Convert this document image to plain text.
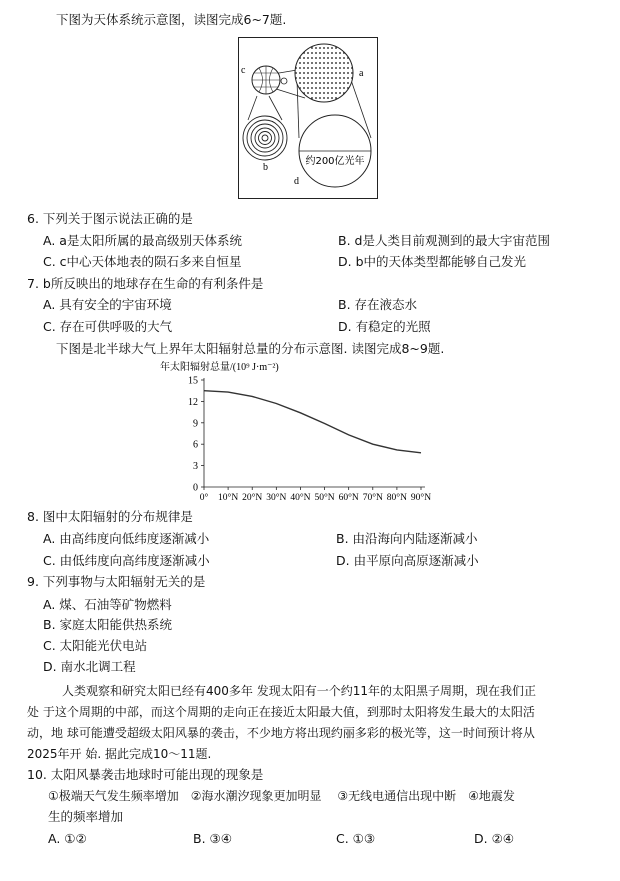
下图为天体系统示意图，读图完成6~7题.
c	a
b
d
约200亿光年
6. 下列关于图示说法正确的是
A. a是太阳所属的最高级别天体系统	B. d是人类目前观测到的最大宇宙范围
C. c中心天体地表的陨石多来自恒星	D. b中的天体类型都能够自己发光
7. b所反映出的地球存在生命的有利条件是
A. 具有安全的宇宙环境	B. 存在液态水
C. 存在可供呼吸的大气	D. 有稳定的光照
下图是北半球大气上界年太阳辐射总量的分布示意图. 读图完成8~9题.
年太阳辐射总量/(10⁹ J·m⁻²)
0
3
6
9
12
15
0° 10°N 20°N 30°N 40°N 50°N 60°N 70°N 80°N 90°N
8. 图中太阳辐射的分布规律是
A. 由高纬度向低纬度逐渐减小	B. 由沿海向内陆逐渐减小
C. 由低纬度向高纬度逐渐减小	D. 由平原向高原逐渐减小
9. 下列事物与太阳辐射无关的是
A. 煤、石油等矿物燃料
B. 家庭太阳能供热系统
C. 太阳能光伏电站
D. 南水北调工程
人类观察和研究太阳已经有400多年 发现太阳有一个约11年的太阳黑子周期，现在我们正
处 于这个周期的中部，而这个周期的走向正在接近太阳最大值，到那时太阳将发生最大的太阳活
动，地 球可能遭受超级太阳风暴的袭击，不少地方将出现约丽多彩的极光等，这一时间预计将从
2025年开 始. 据此完成10～11题.
10. 太阳风暴袭击地球时可能出现的现象是
①极端天气发生频率增加　②海水潮汐现象更加明显　 ③无线电通信出现中断　④地震发
生的频率增加
A. ①②	B. ③④	C. ①③	D. ②④
